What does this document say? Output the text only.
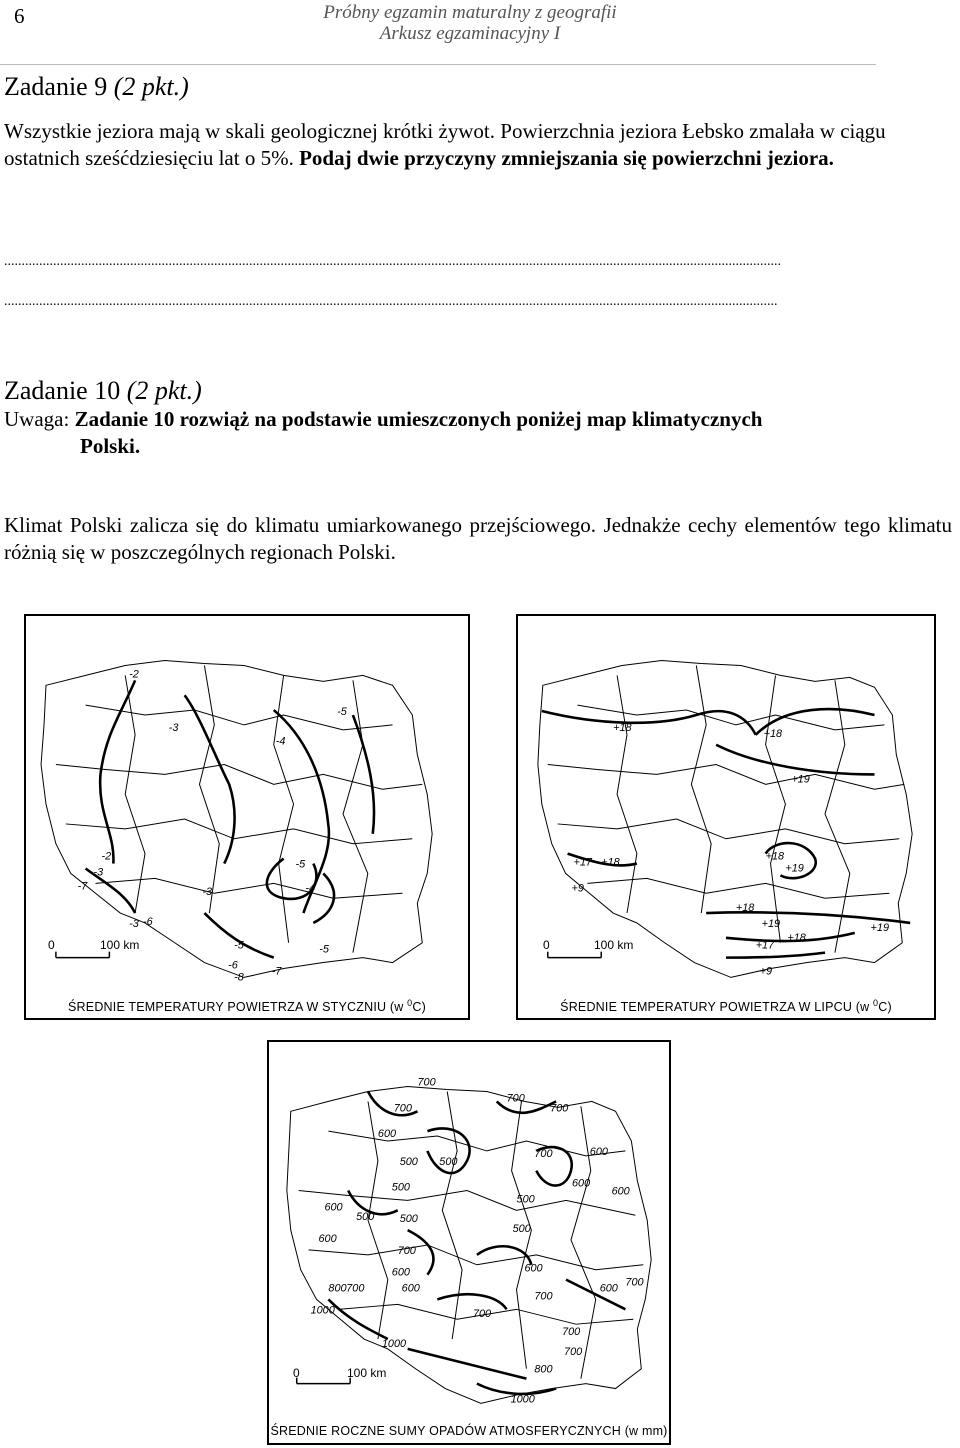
6	Próbny egzamin maturalny z geografii
Arkusz egzaminacyjny I
Zadanie 9 (2 pkt.)
Wszystkie jeziora mają w skali geologicznej krótki żywot. Powierzchnia jeziora Łebsko zmalała w ciągu ostatnich sześćdziesięciu lat o 5%. Podaj dwie przyczyny zmniejszania się powierzchni jeziora.
..............................................................................................................................................................................................................................
.............................................................................................................................................................................................................................
Zadanie 10 (2 pkt.)
Uwaga: Zadanie 10 rozwiąż na podstawie umieszczonych poniżej map klimatycznych
Polski.
Klimat Polski zalicza się do klimatu umiarkowanego przejściowego. Jednakże cechy elementów tego klimatu różnią się w poszczególnych regionach Polski.
-2
-3
-4
-5
-2
-3
-7
-3
-5
-4
-3
-6
-5
-6
-8	-7
-5
0	100 km
ŚREDNIE TEMPERATURY POWIETRZA W STYCZNIU (w $^0$C)
+18	+18
+19
+17 +18
+9
+18
+19
+18
+19
+18
+19
+17
+9
0	100 km
ŚREDNIE TEMPERATURY POWIETRZA W LIPCU (w $^0$C)
700
700
700
700
600
500 500
700	600
500
500
600
600
600
500 500
500
600
700
600	600
700
600
700
800 700
1000	700
1000
700
700
800
1000
600
0	100 km
ŚREDNIE ROCZNE SUMY OPADÓW ATMOSFERYCZNYCH (w mm)
